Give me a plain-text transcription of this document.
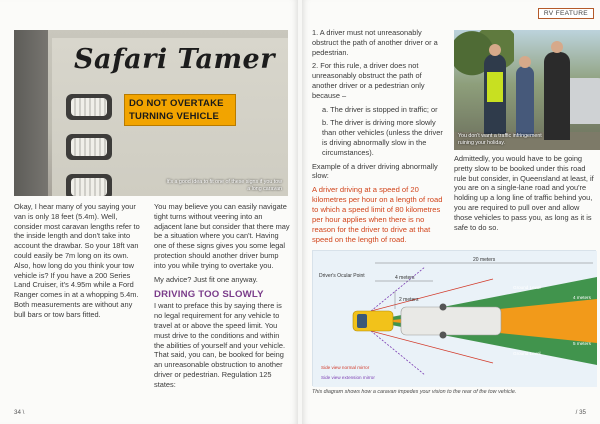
Safari Tamer
DO NOT OVERTAKE
TURNING VEHICLE
It's a good idea to fit one of these signs if you tow a long caravan

Okay, I hear many of you saying your van is only 18 feet (5.4m). Well, consider most caravan lengths refer to the inside length and don't take into account the drawbar. So your 18ft van could easily be 7m long on its own. Also, how long do you think your tow vehicle is? If you have a 200 Series Land Cruiser, it's 4.95m while a Ford Ranger comes in at a whopping 5.4m. Both measurements are without any bull bars or tow bars fitted.

You may believe you can easily navigate tight turns without veering into an adjacent lane but consider that there may be a situation where you can't. Having one of these signs gives you some legal protection should another driver bump into you while trying to overtake you.

My advice? Just fit one anyway.

DRIVING TOO SLOWLY

I want to preface this by saying there is no legal requirement for any vehicle to travel at or above the speed limit. You must drive to the conditions and within the abilities of yourself and your vehicle. That said, you can, be booked for being an unreasonable obstruction to another driver or pedestrian. Regulation 125 states:

34 \
RV FEATURE

1. A driver must not unreasonably obstruct the path of another driver or a pedestrian.

2. For this rule, a driver does not unreasonably obstruct the path of another driver or a pedestrian only because –

a. The driver is stopped in traffic; or

b. The driver is driving more slowly than other vehicles (unless the driver is driving abnormally slow in the circumstances).

Example of a driver driving abnormally slow:

A driver driving at a speed of 20 kilometres per hour on a length of road to which a speed limit of 80 kilometres per hour applies when there is no reason for the driver to drive at that speed on the length of road.

You don't want a traffic infringement ruining your holiday.

Admittedly, you would have to be going pretty slow to be booked under this road rule but consider, in Queensland at least, if you are on a single-lane road and you're holding up a long line of traffic behind you, you are required to pull over and allow those vehicles to pass you, as long as it is safe to do so.

Driver's Ocular Point
20 meters
4 meters
2 meters
Ground Level
Ground Level
4 meters
5 meters
Side view normal mirror
Side view extension mirror
This diagram shows how a caravan impedes your vision to the rear of the tow vehicle.
/ 35
